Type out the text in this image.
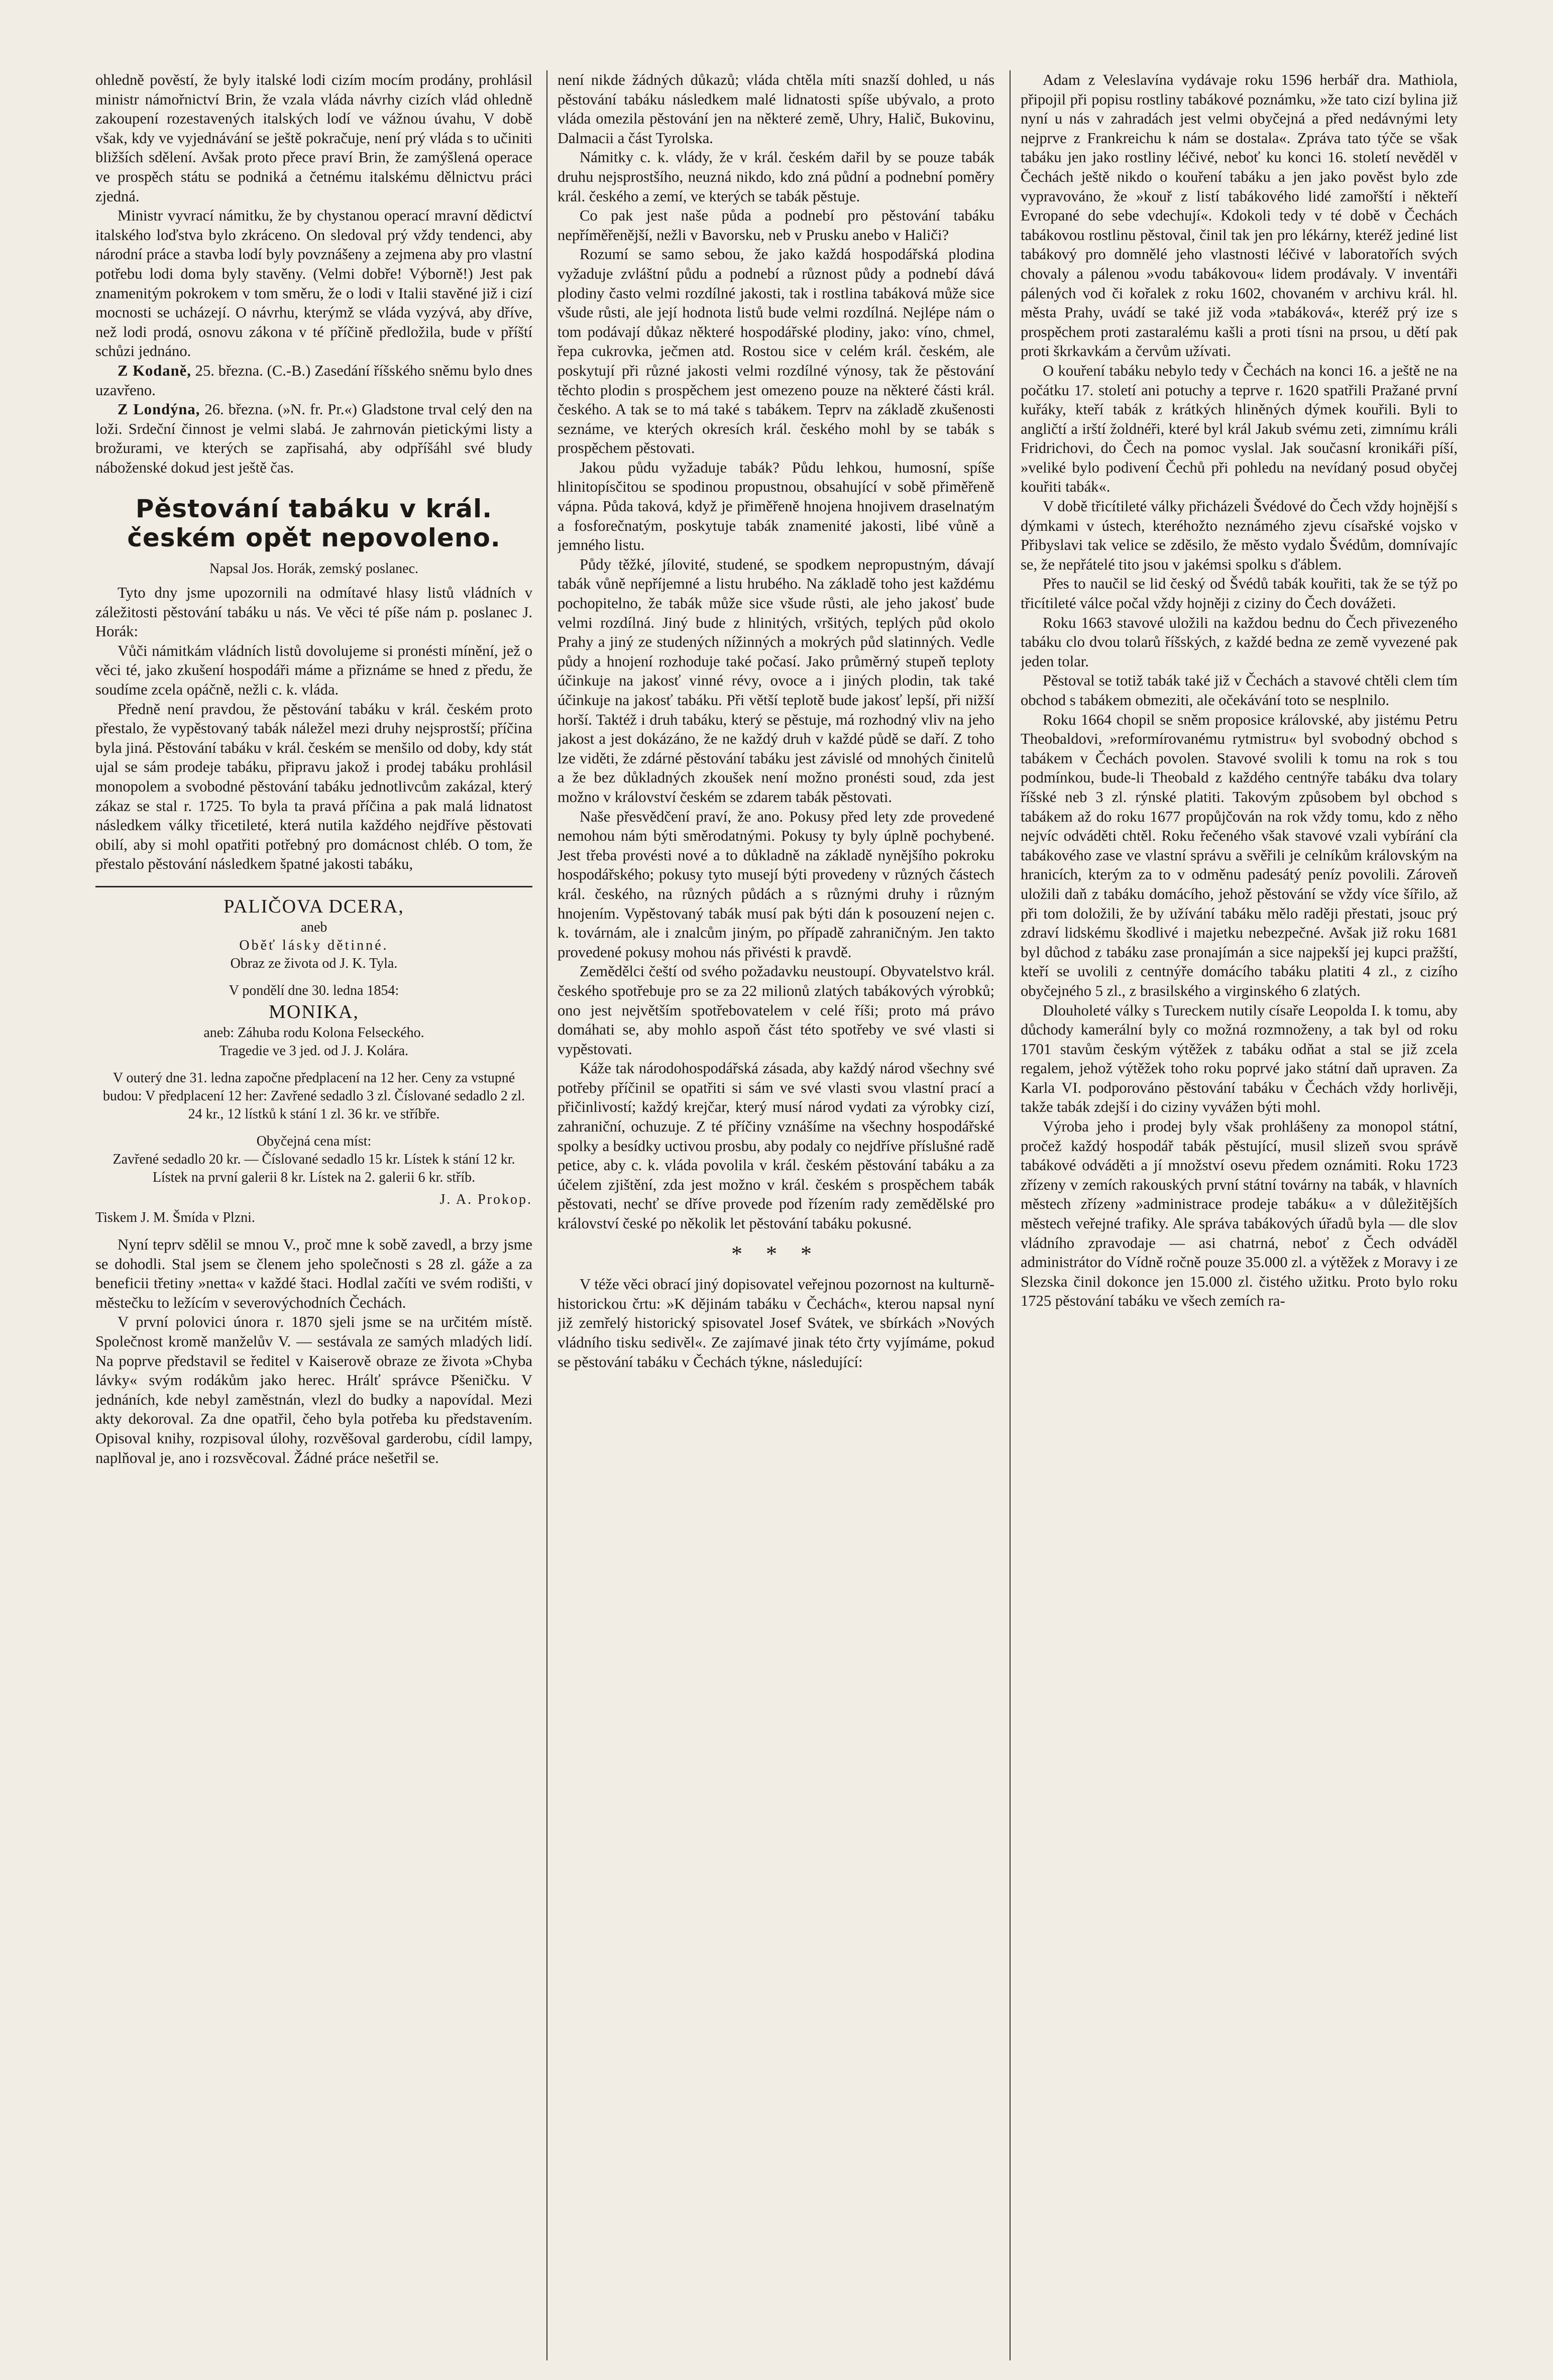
ohledně pověstí, že byly italské lodi cizím mocím prodány, prohlásil ministr námořnictví Brin, že vzala vláda návrhy cizích vlád ohledně zakoupení rozestavených italských lodí ve vážnou úvahu, V době však, kdy ve vyjednávání se ještě pokračuje, není prý vláda s to učiniti bližších sdělení. Avšak proto přece praví Brin, že zamýšlená operace ve prospěch státu se podniká a četnému italskému dělnictvu práci zjedná.

Ministr vyvrací námitku, že by chystanou operací mravní dědictví italského loďstva bylo zkráceno. On sledoval prý vždy tendenci, aby národní práce a stavba lodí byly povznášeny a zejmena aby pro vlastní potřebu lodi doma byly stavěny. (Velmi dobře! Výborně!) Jest pak znamenitým pokrokem v tom směru, že o lodi v Italii stavěné již i cizí mocnosti se ucházejí. O návrhu, kterýmž se vláda vyzývá, aby dříve, než lodi prodá, osnovu zákona v té příčině předložila, bude v příští schůzi jednáno.

Z Kodaně, 25. března. (C.-B.) Zasedání říšského sněmu bylo dnes uzavřeno.

Z Londýna, 26. března. (»N. fr. Pr.«) Gladstone trval celý den na loži. Srdeční činnost je velmi slabá. Je zahrnován pietickými listy a brožurami, ve kterých se zapřisahá, aby odpříšáhl své bludy náboženské dokud jest ještě čas.

Pěstování tabáku v král. českém opět nepovoleno.
Napsal Jos. Horák, zemský poslanec.

Tyto dny jsme upozornili na odmítavé hlasy listů vládních v záležitosti pěstování tabáku u nás. Ve věci té píše nám p. poslanec J. Horák:

Vůči námitkám vládních listů dovolujeme si pronésti mínění, jež o věci té, jako zkušení hospodáři máme a přiznáme se hned z předu, že soudíme zcela opáčně, nežli c. k. vláda.

Předně není pravdou, že pěstování tabáku v král. českém proto přestalo, že vypěstovaný tabák náležel mezi druhy nejsprostší; příčina byla jiná. Pěstování tabáku v král. českém se menšilo od doby, kdy stát ujal se sám prodeje tabáku, připravu jakož i prodej tabáku prohlásil monopolem a svobodné pěstování tabáku jednotlivcům zakázal, který zákaz se stal r. 1725. To byla ta pravá příčina a pak malá lidnatost následkem války třicetileté, která nutila každého nejdříve pěstovati obilí, aby si mohl opatřiti potřebný pro domácnost chléb. O tom, že přestalo pěstování následkem špatné jakosti tabáku,

PALIČOVA DCERA,
aneb
Oběť lásky dětinné.
Obraz ze života od J. K. Tyla.
V pondělí dne 30. ledna 1854:
MONIKA,
aneb: Záhuba rodu Kolona Felseckého.
Tragedie ve 3 jed. od J. J. Kolára.
V outerý dne 31. ledna započne předplacení na 12 her. Ceny za vstupné budou: V předplacení 12 her: Zavřené sedadlo 3 zl. Číslované sedadlo 2 zl. 24 kr., 12 lístků k stání 1 zl. 36 kr. ve stříbře.
Obyčejná cena míst:
Zavřené sedadlo 20 kr. — Číslované sedadlo 15 kr. Lístek k stání 12 kr. Lístek na první galerii 8 kr. Lístek na 2. galerii 6 kr. stříb.
J. A. Prokop.
Tiskem J. M. Šmída v Plzni.

Nyní teprv sdělil se mnou V., proč mne k sobě zavedl, a brzy jsme se dohodli. Stal jsem se členem jeho společnosti s 28 zl. gáže a za beneficii třetiny »netta« v každé štaci. Hodlal začíti ve svém rodišti, v městečku to ležícím v severovýchodních Čechách.

V první polovici února r. 1870 sjeli jsme se na určitém místě. Společnost kromě manželův V. — sestávala ze samých mladých lidí. Na poprve představil se ředitel v Kaiserově obraze ze života »Chyba lávky« svým rodákům jako herec. Hrálť správce Pšeničku. V jednáních, kde nebyl zaměstnán, vlezl do budky a napovídal. Mezi akty dekoroval. Za dne opatřil, čeho byla potřeba ku představením. Opisoval knihy, rozpisoval úlohy, rozvěšoval garderobu, cídil lampy, naplňoval je, ano i rozsvěcoval. Žádné práce nešetřil se.

není nikde žádných důkazů; vláda chtěla míti snazší dohled, u nás pěstování tabáku následkem malé lidnatosti spíše ubývalo, a proto vláda omezila pěstování jen na některé země, Uhry, Halič, Bukovinu, Dalmacii a část Tyrolska.

Námitky c. k. vlády, že v král. českém dařil by se pouze tabák druhu nejsprostšího, neuzná nikdo, kdo zná půdní a podnební poměry král. českého a zemí, ve kterých se tabák pěstuje.

Co pak jest naše půda a podnebí pro pěstování tabáku nepříměřenější, nežli v Bavorsku, neb v Prusku anebo v Haliči?

Rozumí se samo sebou, že jako každá hospodářská plodina vyžaduje zvláštní půdu a podnebí a různost půdy a podnebí dává plodiny často velmi rozdílné jakosti, tak i rostlina tabáková může sice všude růsti, ale její hodnota listů bude velmi rozdílná. Nejlépe nám o tom podávají důkaz některé hospodářské plodiny, jako: víno, chmel, řepa cukrovka, ječmen atd. Rostou sice v celém král. českém, ale poskytují při různé jakosti velmi rozdílné výnosy, tak že pěstování těchto plodin s prospěchem jest omezeno pouze na některé části král. českého. A tak se to má také s tabákem. Teprv na základě zkušenosti seznáme, ve kterých okresích král. českého mohl by se tabák s prospěchem pěstovati.

Jakou půdu vyžaduje tabák? Půdu lehkou, humosní, spíše hlinitopísčitou se spodinou propustnou, obsahující v sobě přiměřeně vápna. Půda taková, když je přiměřeně hnojena hnojivem draselnatým a fosforečnatým, poskytuje tabák znamenité jakosti, libé vůně a jemného listu.

Půdy těžké, jílovité, studené, se spodkem nepropustným, dávají tabák vůně nepříjemné a listu hrubého. Na základě toho jest každému pochopitelno, že tabák může sice všude růsti, ale jeho jakosť bude velmi rozdílná. Jiný bude z hlinitých, vršitých, teplých půd okolo Prahy a jiný ze studených nížinných a mokrých půd slatinných. Vedle půdy a hnojení rozhoduje také počasí. Jako průměrný stupeň teploty účinkuje na jakosť vinné révy, ovoce a i jiných plodin, tak také účinkuje na jakosť tabáku. Při větší teplotě bude jakosť lepší, při nižší horší. Taktéž i druh tabáku, který se pěstuje, má rozhodný vliv na jeho jakost a jest dokázáno, že ne každý druh v každé půdě se daří. Z toho lze viděti, že zdárné pěstování tabáku jest závislé od mnohých činitelů a že bez důkladných zkoušek není možno pronésti soud, zda jest možno v království českém se zdarem tabák pěstovati.

Naše přesvědčení praví, že ano. Pokusy před lety zde provedené nemohou nám býti směrodatnými. Pokusy ty byly úplně pochybené. Jest třeba provésti nové a to důkladně na základě nynějšího pokroku hospodářského; pokusy tyto musejí býti provedeny v různých částech král. českého, na různých půdách a s různými druhy i různým hnojením. Vypěstovaný tabák musí pak býti dán k posouzení nejen c. k. továrnám, ale i znalcům jiným, po případě zahraničným. Jen takto provedené pokusy mohou nás přivésti k pravdě.

Zemědělci čeští od svého požadavku neustoupí. Obyvatelstvo král. českého spotřebuje pro se za 22 milionů zlatých tabákových výrobků; ono jest největším spotřebovatelem v celé říši; proto má právo domáhati se, aby mohlo aspoň část této spotřeby ve své vlasti si vypěstovati.

Káže tak národohospodářská zásada, aby každý národ všechny své potřeby příčinil se opatřiti si sám ve své vlasti svou vlastní prací a přičinlivostí; každý krejčar, který musí národ vydati za výrobky cizí, zahraniční, ochuzuje. Z té příčiny vznášíme na všechny hospodářské spolky a besídky uctivou prosbu, aby podaly co nejdříve příslušné radě petice, aby c. k. vláda povolila v král. českém pěstování tabáku a za účelem zjištění, zda jest možno v král. českém s prospěchem tabák pěstovati, nechť se dříve provede pod řízením rady zemědělské pro království české po několik let pěstování tabáku pokusné.

* * *

V téže věci obrací jiný dopisovatel veřejnou pozornost na kulturně-historickou črtu: »K dějinám tabáku v Čechách«, kterou napsal nyní již zemřelý historický spisovatel Josef Svátek, ve sbírkách »Nových vládního tisku sedivěl«. Ze zajímavé jinak této črty vyjímáme, pokud se pěstování tabáku v Čechách týkne, následující:

Adam z Veleslavína vydávaje roku 1596 herbář dra. Mathiola, připojil při popisu rostliny tabákové poznámku, »že tato cizí bylina již nyní u nás v zahradách jest velmi obyčejná a před nedávnými lety nejprve z Frankreichu k nám se dostala«. Zpráva tato týče se však tabáku jen jako rostliny léčivé, neboť ku konci 16. století nevěděl v Čechách ještě nikdo o kouření tabáku a jen jako pověst bylo zde vypravováno, že »kouř z listí tabákového lidé zamořští i někteří Evropané do sebe vdechují«. Kdokoli tedy v té době v Čechách tabákovou rostlinu pěstoval, činil tak jen pro lékárny, kteréž jediné list tabákový pro domnělé jeho vlastnosti léčivé v laboratořích svých chovaly a pálenou »vodu tabákovou« lidem prodávaly. V inventáři pálených vod či kořalek z roku 1602, chovaném v archivu král. hl. města Prahy, uvádí se také již voda »tabáková«, kteréž prý ize s prospěchem proti zastaralému kašli a proti tísni na prsou, u dětí pak proti škrkavkám a červům užívati.

O kouření tabáku nebylo tedy v Čechách na konci 16. a ještě ne na počátku 17. století ani potuchy a teprve r. 1620 spatřili Pražané první kuřáky, kteří tabák z krátkých hliněných dýmek kouřili. Byli to angličtí a irští žoldnéři, které byl král Jakub svému zeti, zimnímu králi Fridrichovi, do Čech na pomoc vyslal. Jak současní kronikáři píší, »veliké bylo podivení Čechů při pohledu na nevídaný posud obyčej kouřiti tabák«.

V době třicítileté války přicházeli Švédové do Čech vždy hojnější s dýmkami v ústech, kteréhožto neznámého zjevu císařské vojsko v Přibyslavi tak velice se zděsilo, že město vydalo Švédům, domnívajíc se, že nepřátelé tito jsou v jakémsi spolku s ďáblem.

Přes to naučil se lid český od Švédů tabák kouřiti, tak že se týž po třicítileté válce počal vždy hojněji z ciziny do Čech dovážeti.

Roku 1663 stavové uložili na každou bednu do Čech přivezeného tabáku clo dvou tolarů říšských, z každé bedna ze země vyvezené pak jeden tolar.

Pěstoval se totiž tabák také již v Čechách a stavové chtěli clem tím obchod s tabákem obmeziti, ale očekávání toto se nesplnilo.

Roku 1664 chopil se sněm proposice královské, aby jistému Petru Theobaldovi, »reformírovanému rytmistru« byl svobodný obchod s tabákem v Čechách povolen. Stavové svolili k tomu na rok s tou podmínkou, bude-li Theobald z každého centnýře tabáku dva tolary říšské neb 3 zl. rýnské platiti. Takovým způsobem byl obchod s tabákem až do roku 1677 propůjčován na rok vždy tomu, kdo z něho nejvíc odváděti chtěl. Roku řečeného však stavové vzali vybírání cla tabákového zase ve vlastní správu a svěřili je celníkům královským na hranicích, kterým za to v odměnu padesátý peníz povolili. Zároveň uložili daň z tabáku domácího, jehož pěstování se vždy více šířilo, až při tom doložili, že by užívání tabáku mělo raději přestati, jsouc prý zdraví lidskému škodlivé i majetku nebezpečné. Avšak již roku 1681 byl důchod z tabáku zase pronajímán a sice najpekší jej kupci pražští, kteří se uvolili z centnýře domácího tabáku platiti 4 zl., z cizího obyčejného 5 zl., z brasilského a virginského 6 zlatých.

Dlouholeté války s Tureckem nutily císaře Leopolda I. k tomu, aby důchody kamerální byly co možná rozmnoženy, a tak byl od roku 1701 stavům českým výtěžek z tabáku odňat a stal se již zcela regalem, jehož výtěžek toho roku poprvé jako státní daň upraven. Za Karla VI. podporováno pěstování tabáku v Čechách vždy horlivěji, takže tabák zdejší i do ciziny vyvážen býti mohl.

Výroba jeho i prodej byly však prohlášeny za monopol státní, pročež každý hospodář tabák pěstující, musil slizeň svou správě tabákové odváděti a jí množství osevu předem oznámiti. Roku 1723 zřízeny v zemích rakouských první státní továrny na tabák, v hlavních městech zřízeny »administrace prodeje tabáku« a v důležitějších městech veřejné trafiky. Ale správa tabákových úřadů byla — dle slov vládního zpravodaje — asi chatrná, neboť z Čech odváděl administrátor do Vídně ročně pouze 35.000 zl. a výtěžek z Moravy i ze Slezska činil dokonce jen 15.000 zl. čistého užitku. Proto bylo roku 1725 pěstování tabáku ve všech zemích ra-
